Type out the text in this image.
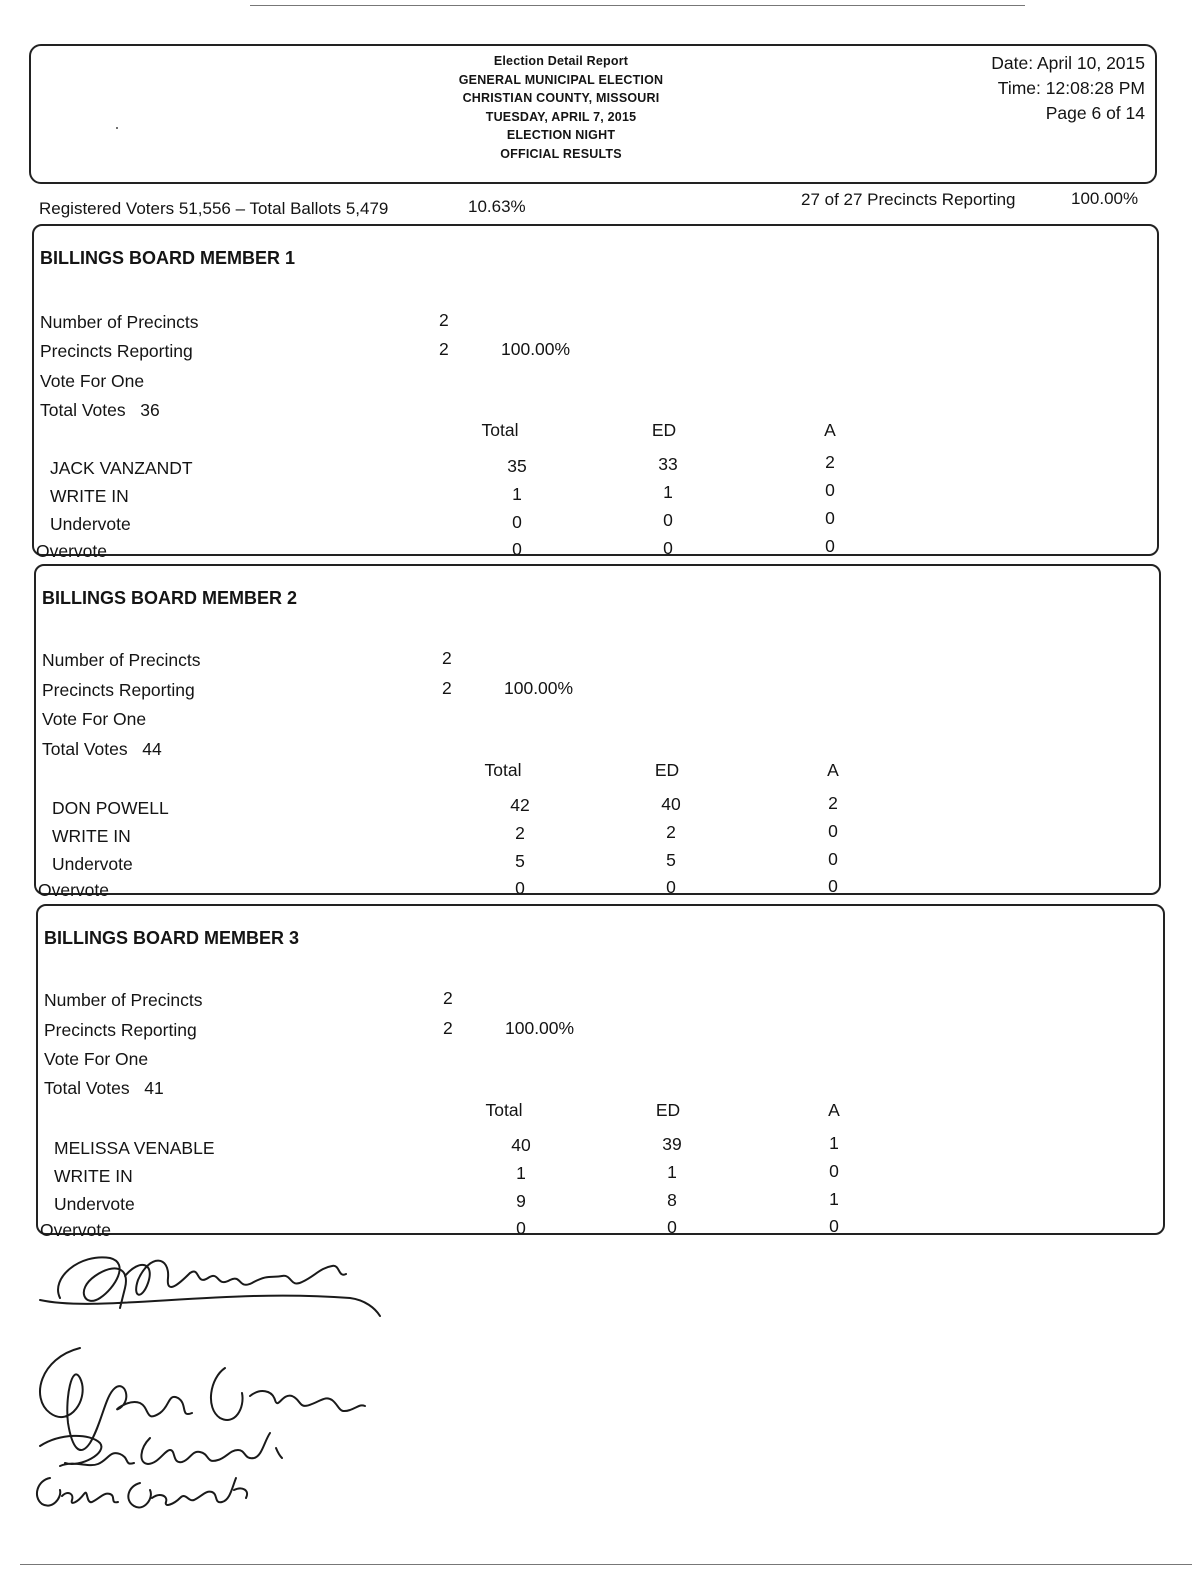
Election Detail Report
GENERAL MUNICIPAL ELECTION
CHRISTIAN COUNTY, MISSOURI
TUESDAY, APRIL 7, 2015
ELECTION NIGHT
OFFICIAL RESULTS
Date: April 10, 2015
Time: 12:08:28 PM
Page 6 of 14
Registered Voters 51,556 – Total Ballots 5,479	10.63%	27 of 27 Precincts Reporting	100.00%
BILLINGS BOARD MEMBER 1
Number of Precincts	2
Precincts Reporting	2	100.00%
Vote For One
Total Votes 36
Total	ED	A
JACK VANZANDT	35	33	2
WRITE IN	1	1	0
Undervote	0	0	0
Overvote	0	0	0
BILLINGS BOARD MEMBER 2
Number of Precincts	2
Precincts Reporting	2	100.00%
Vote For One
Total Votes 44
Total	ED	A
DON POWELL	42	40	2
WRITE IN	2	2	0
Undervote	5	5	0
Overvote	0	0	0
BILLINGS BOARD MEMBER 3
Number of Precincts	2
Precincts Reporting	2	100.00%
Vote For One
Total Votes 41
Total	ED	A
MELISSA VENABLE	40	39	1
WRITE IN	1	1	0
Undervote	9	8	1
Overvote	0	0	0
